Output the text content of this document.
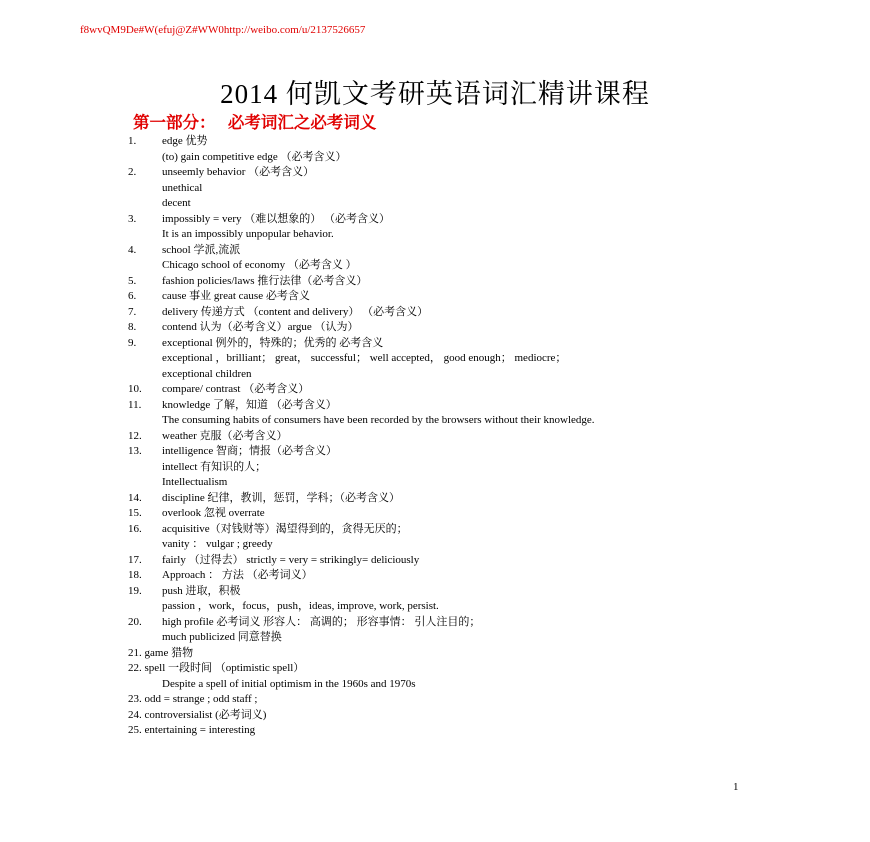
f8wvQM9De#W(efuj@Z#WW0http://weibo.com/u/2137526657
2014 何凯文考研英语词汇精讲课程
第一部分：   必考词汇之必考词义
1. edge 优势
(to) gain competitive edge （必考含义）
2. unseemly behavior （必考含义）
unethical
decent
3. impossibly = very （难以想象的） （必考含义）
It is an impossibly unpopular behavior.
4. school 学派,流派
Chicago school of economy （必考含义 ）
5. fashion policies/laws 推行法律（必考含义）
6. cause 事业 great cause 必考含义
7. delivery 传递方式 （content and delivery） （必考含义）
8. contend 认为（必考含义）argue （认为）
9. exceptional 例外的，特殊的；优秀的 必考含义
exceptional ，brilliant； great， successful； well accepted， good enough； mediocre；
exceptional children
10. compare/ contrast （必考含义）
11. knowledge 了解，知道 （必考含义）
The consuming habits of consumers have been recorded by the browsers without their knowledge.
12. weather 克服（必考含义）
13. intelligence 智商；情报（必考含义）
intellect 有知识的人；
Intellectualism
14. discipline 纪律，教训，惩罚，学科；（必考含义）
15. overlook 忽视 overrate
16. acquisitive（对钱财等）渴望得到的，贪得无厌的；
vanity ： vulgar ; greedy
17. fairly （过得去） strictly = very = strikingly= deliciously
18. Approach ： 方法 （必考词义）
19. push 进取，积极
passion ，work，focus，push，ideas, improve, work, persist.
20. high profile 必考词义 形容人： 高调的； 形容事情： 引人注目的；
much publicized 同意替换
21. game 猎物
22. spell 一段时间 （optimistic spell）
Despite a spell of initial optimism in the 1960s and 1970s
23. odd = strange ; odd staff ;
24. controversialist (必考词义)
25. entertaining = interesting
1
